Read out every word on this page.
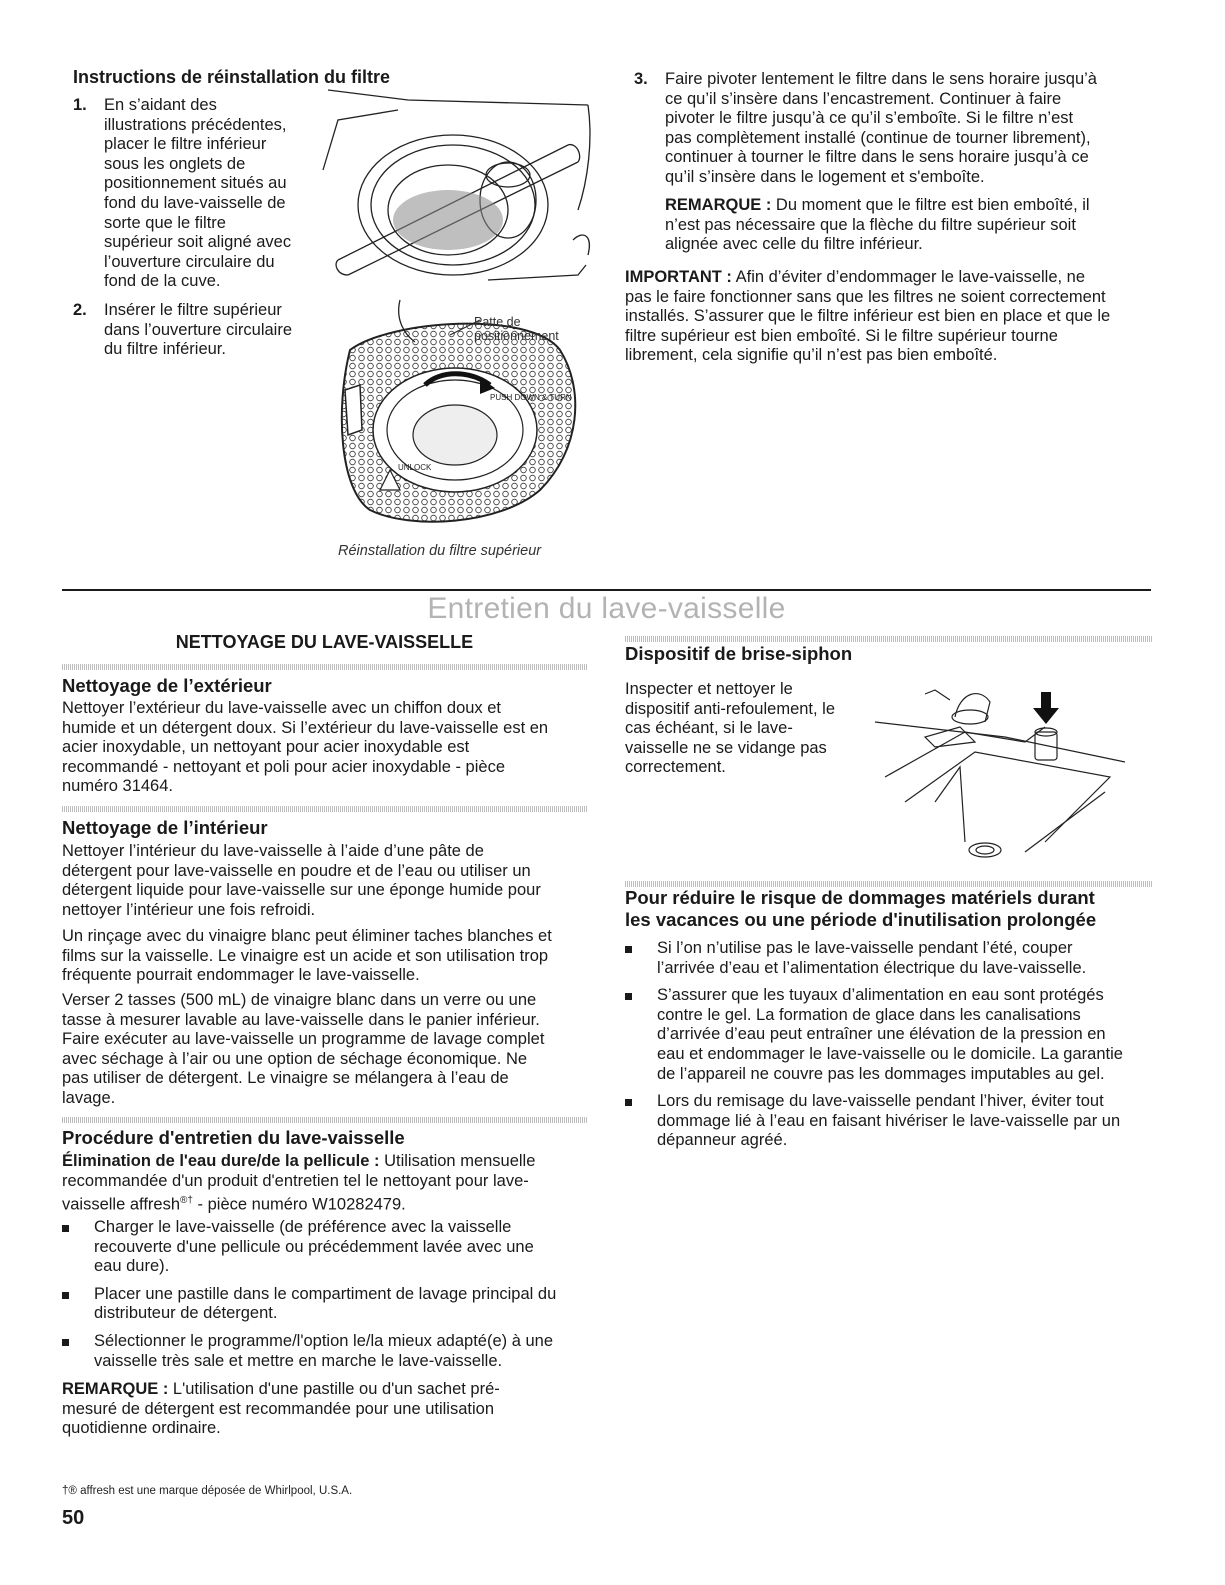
Instructions de réinstallation du filtre
1. En s’aidant des
illustrations précédentes,
placer le filtre inférieur
sous les onglets de
positionnement situés au
fond du lave-vaisselle de
sorte que le filtre
supérieur soit aligné avec
l’ouverture circulaire du
fond de la cuve.
2. Insérer le filtre supérieur
dans l’ouverture circulaire
du filtre inférieur.
PUSH DOWN & TURN
UNLOCK
Patte de
positionnement
Réinstallation du filtre supérieur
3. Faire pivoter lentement le filtre dans le sens horaire jusqu’à
ce qu’il s’insère dans l’encastrement. Continuer à faire
pivoter le filtre jusqu’à ce qu’il s’emboîte. Si le filtre n’est
pas complètement installé (continue de tourner librement),
continuer à tourner le filtre dans le sens horaire jusqu’à ce
qu’il s’insère dans le logement et s'emboîte.
REMARQUE : Du moment que le filtre est bien emboîté, il
n’est pas nécessaire que la flèche du filtre supérieur soit
alignée avec celle du filtre inférieur.
IMPORTANT : Afin d’éviter d’endommager le lave-vaisselle, ne
pas le faire fonctionner sans que les filtres ne soient correctement
installés. S’assurer que le filtre inférieur est bien en place et que le
filtre supérieur est bien emboîté. Si le filtre supérieur tourne
librement, cela signifie qu’il n’est pas bien emboîté.
Entretien du lave-vaisselle
NETTOYAGE DU LAVE-VAISSELLE
Nettoyage de l’extérieur
Nettoyer l’extérieur du lave-vaisselle avec un chiffon doux et
humide et un détergent doux. Si l’extérieur du lave-vaisselle est en
acier inoxydable, un nettoyant pour acier inoxydable est
recommandé - nettoyant et poli pour acier inoxydable - pièce
numéro 31464.
Nettoyage de l’intérieur
Nettoyer l’intérieur du lave-vaisselle à l’aide d’une pâte de
détergent pour lave-vaisselle en poudre et de l’eau ou utiliser un
détergent liquide pour lave-vaisselle sur une éponge humide pour
nettoyer l’intérieur une fois refroidi.
Un rinçage avec du vinaigre blanc peut éliminer taches blanches et
films sur la vaisselle. Le vinaigre est un acide et son utilisation trop
fréquente pourrait endommager le lave-vaisselle.
Verser 2 tasses (500 mL) de vinaigre blanc dans un verre ou une
tasse à mesurer lavable au lave-vaisselle dans le panier inférieur.
Faire exécuter au lave-vaisselle un programme de lavage complet
avec séchage à l’air ou une option de séchage économique. Ne
pas utiliser de détergent. Le vinaigre se mélangera à l’eau de
lavage.
Procédure d'entretien du lave-vaisselle
Élimination de l'eau dure/de la pellicule : Utilisation mensuelle
recommandée d'un produit d'entretien tel le nettoyant pour lave-
vaisselle affresh®† - pièce numéro W10282479.
Charger le lave-vaisselle (de préférence avec la vaisselle
recouverte d'une pellicule ou précédemment lavée avec une
eau dure).
Placer une pastille dans le compartiment de lavage principal du
distributeur de détergent.
Sélectionner le programme/l'option le/la mieux adapté(e) à une
vaisselle très sale et mettre en marche le lave-vaisselle.
REMARQUE : L'utilisation d'une pastille ou d'un sachet pré-
mesuré de détergent est recommandée pour une utilisation
quotidienne ordinaire.
Dispositif de brise-siphon
Inspecter et nettoyer le
dispositif anti-refoulement, le
cas échéant, si le lave-
vaisselle ne se vidange pas
correctement.
Pour réduire le risque de dommages matériels durant
les vacances ou une période d'inutilisation prolongée
Si l’on n’utilise pas le lave-vaisselle pendant l’été, couper
l’arrivée d’eau et l’alimentation électrique du lave-vaisselle.
S’assurer que les tuyaux d’alimentation en eau sont protégés
contre le gel. La formation de glace dans les canalisations
d’arrivée d’eau peut entraîner une élévation de la pression en
eau et endommager le lave-vaisselle ou le domicile. La garantie
de l’appareil ne couvre pas les dommages imputables au gel.
Lors du remisage du lave-vaisselle pendant l’hiver, éviter tout
dommage lié à l’eau en faisant hivériser le lave-vaisselle par un
dépanneur agréé.
†® affresh est une marque déposée de Whirlpool, U.S.A.
50
